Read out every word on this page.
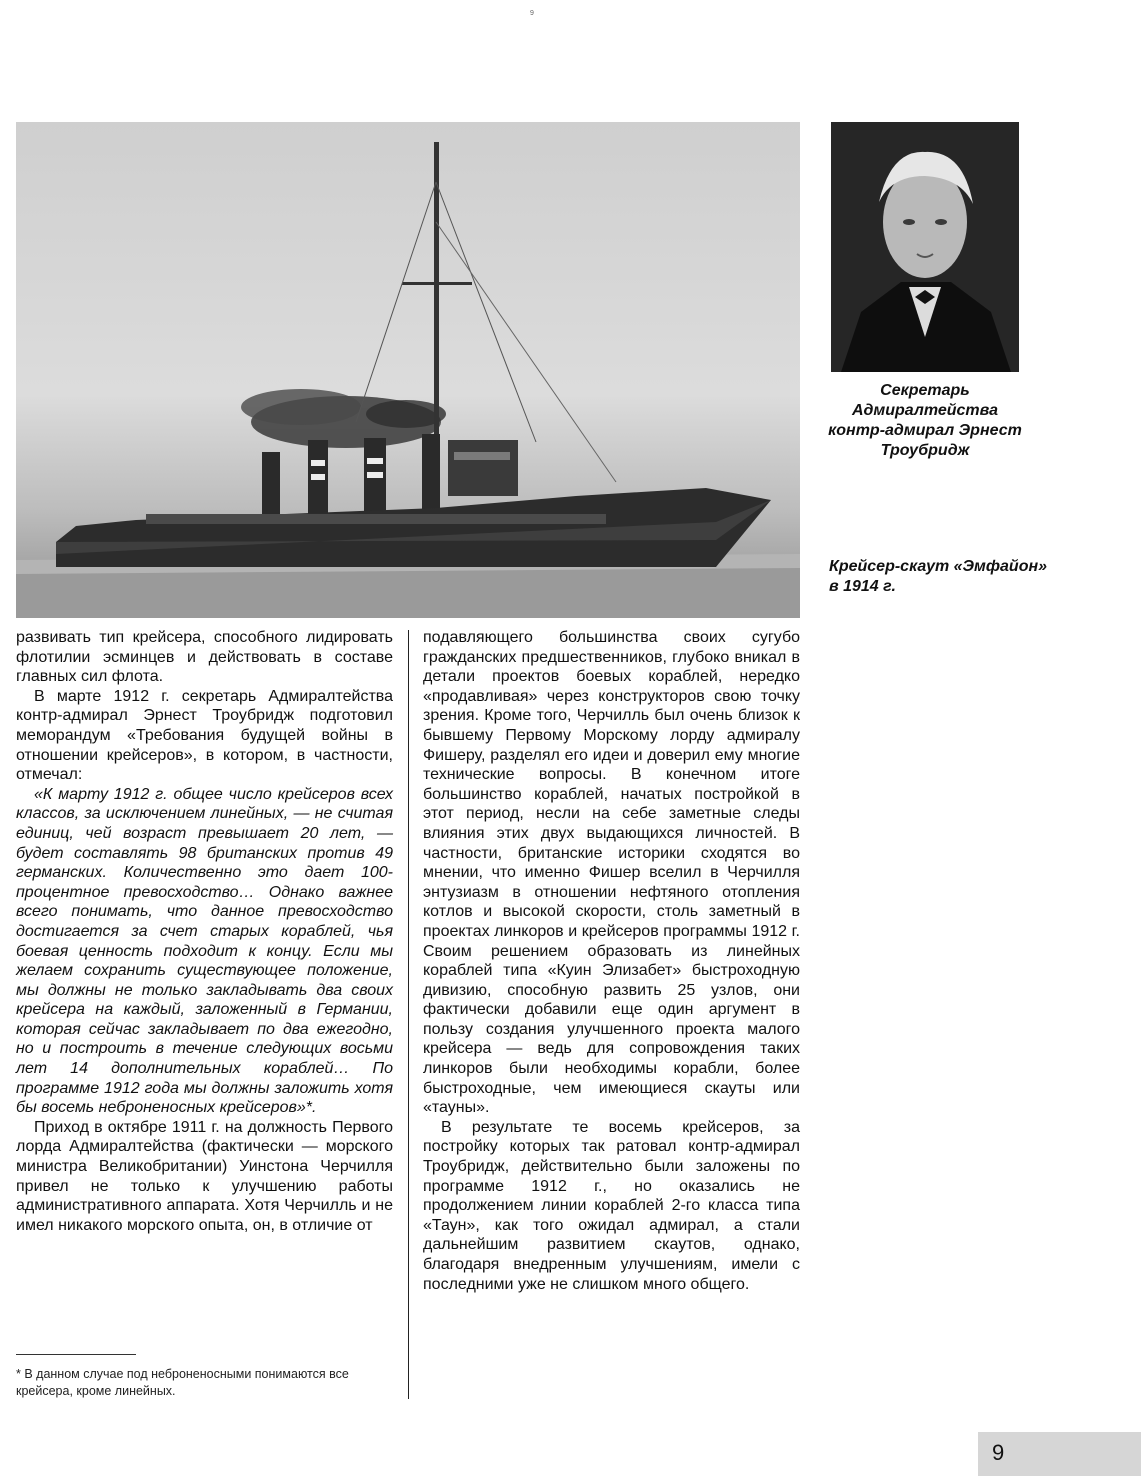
9
Секретарь Адмиралтейства контр-адмирал Эрнест Троубридж
Крейсер-скаут «Эмфайон» в 1914 г.

развивать тип крейсера, способного лидировать флотилии эсминцев и действовать в составе главных сил флота.

В марте 1912 г. секретарь Адмиралтейства контр-адмирал Эрнест Троубридж подготовил меморандум «Требования будущей войны в отношении крейсеров», в котором, в частности, отмечал:

«К марту 1912 г. общее число крейсеров всех классов, за исключением линейных, — не считая единиц, чей возраст превышает 20 лет, — будет составлять 98 британских против 49 германских. Количественно это дает 100-процентное превосходство… Однако важнее всего понимать, что данное превосходство достигается за счет старых кораблей, чья боевая ценность подходит к концу. Если мы желаем сохранить существующее положение, мы должны не только закладывать два своих крейсера на каждый, заложенный в Германии, которая сейчас закладывает по два ежегодно, но и построить в течение следующих восьми лет 14 дополнительных кораблей… По программе 1912 года мы должны заложить хотя бы восемь неброненосных крейсеров»*.

Приход в октябре 1911 г. на должность Первого лорда Адмиралтейства (фактически — морского министра Великобритании) Уинстона Черчилля привел не только к улучшению работы административного аппарата. Хотя Черчилль и не имел никакого морского опыта, он, в отличие от

подавляющего большинства своих сугубо гражданских предшественников, глубоко вникал в детали проектов боевых кораблей, нередко «продавливая» через конструкторов свою точку зрения. Кроме того, Черчилль был очень близок к бывшему Первому Морскому лорду адмиралу Фишеру, разделял его идеи и доверил ему многие технические вопросы. В конечном итоге большинство кораблей, начатых постройкой в этот период, несли на себе заметные следы влияния этих двух выдающихся личностей. В частности, британские историки сходятся во мнении, что именно Фишер вселил в Черчилля энтузиазм в отношении нефтяного отопления котлов и высокой скорости, столь заметный в проектах линкоров и крейсеров программы 1912 г. Своим решением образовать из линейных кораблей типа «Куин Элизабет» быстроходную дивизию, способную развить 25 узлов, они фактически добавили еще один аргумент в пользу создания улучшенного проекта малого крейсера — ведь для сопровождения таких линкоров были необходимы корабли, более быстроходные, чем имеющиеся скауты или «тауны».

В результате те восемь крейсеров, за постройку которых так ратовал контр-адмирал Троубридж, действительно были заложены по программе 1912 г., но оказались не продолжением линии кораблей 2-го класса типа «Таун», как того ожидал адмирал, а стали дальнейшим развитием скаутов, однако, благодаря внедренным улучшениям, имели с последними уже не слишком много общего.

* В данном случае под неброненосными понимаются все крейсера, кроме линейных.
9
